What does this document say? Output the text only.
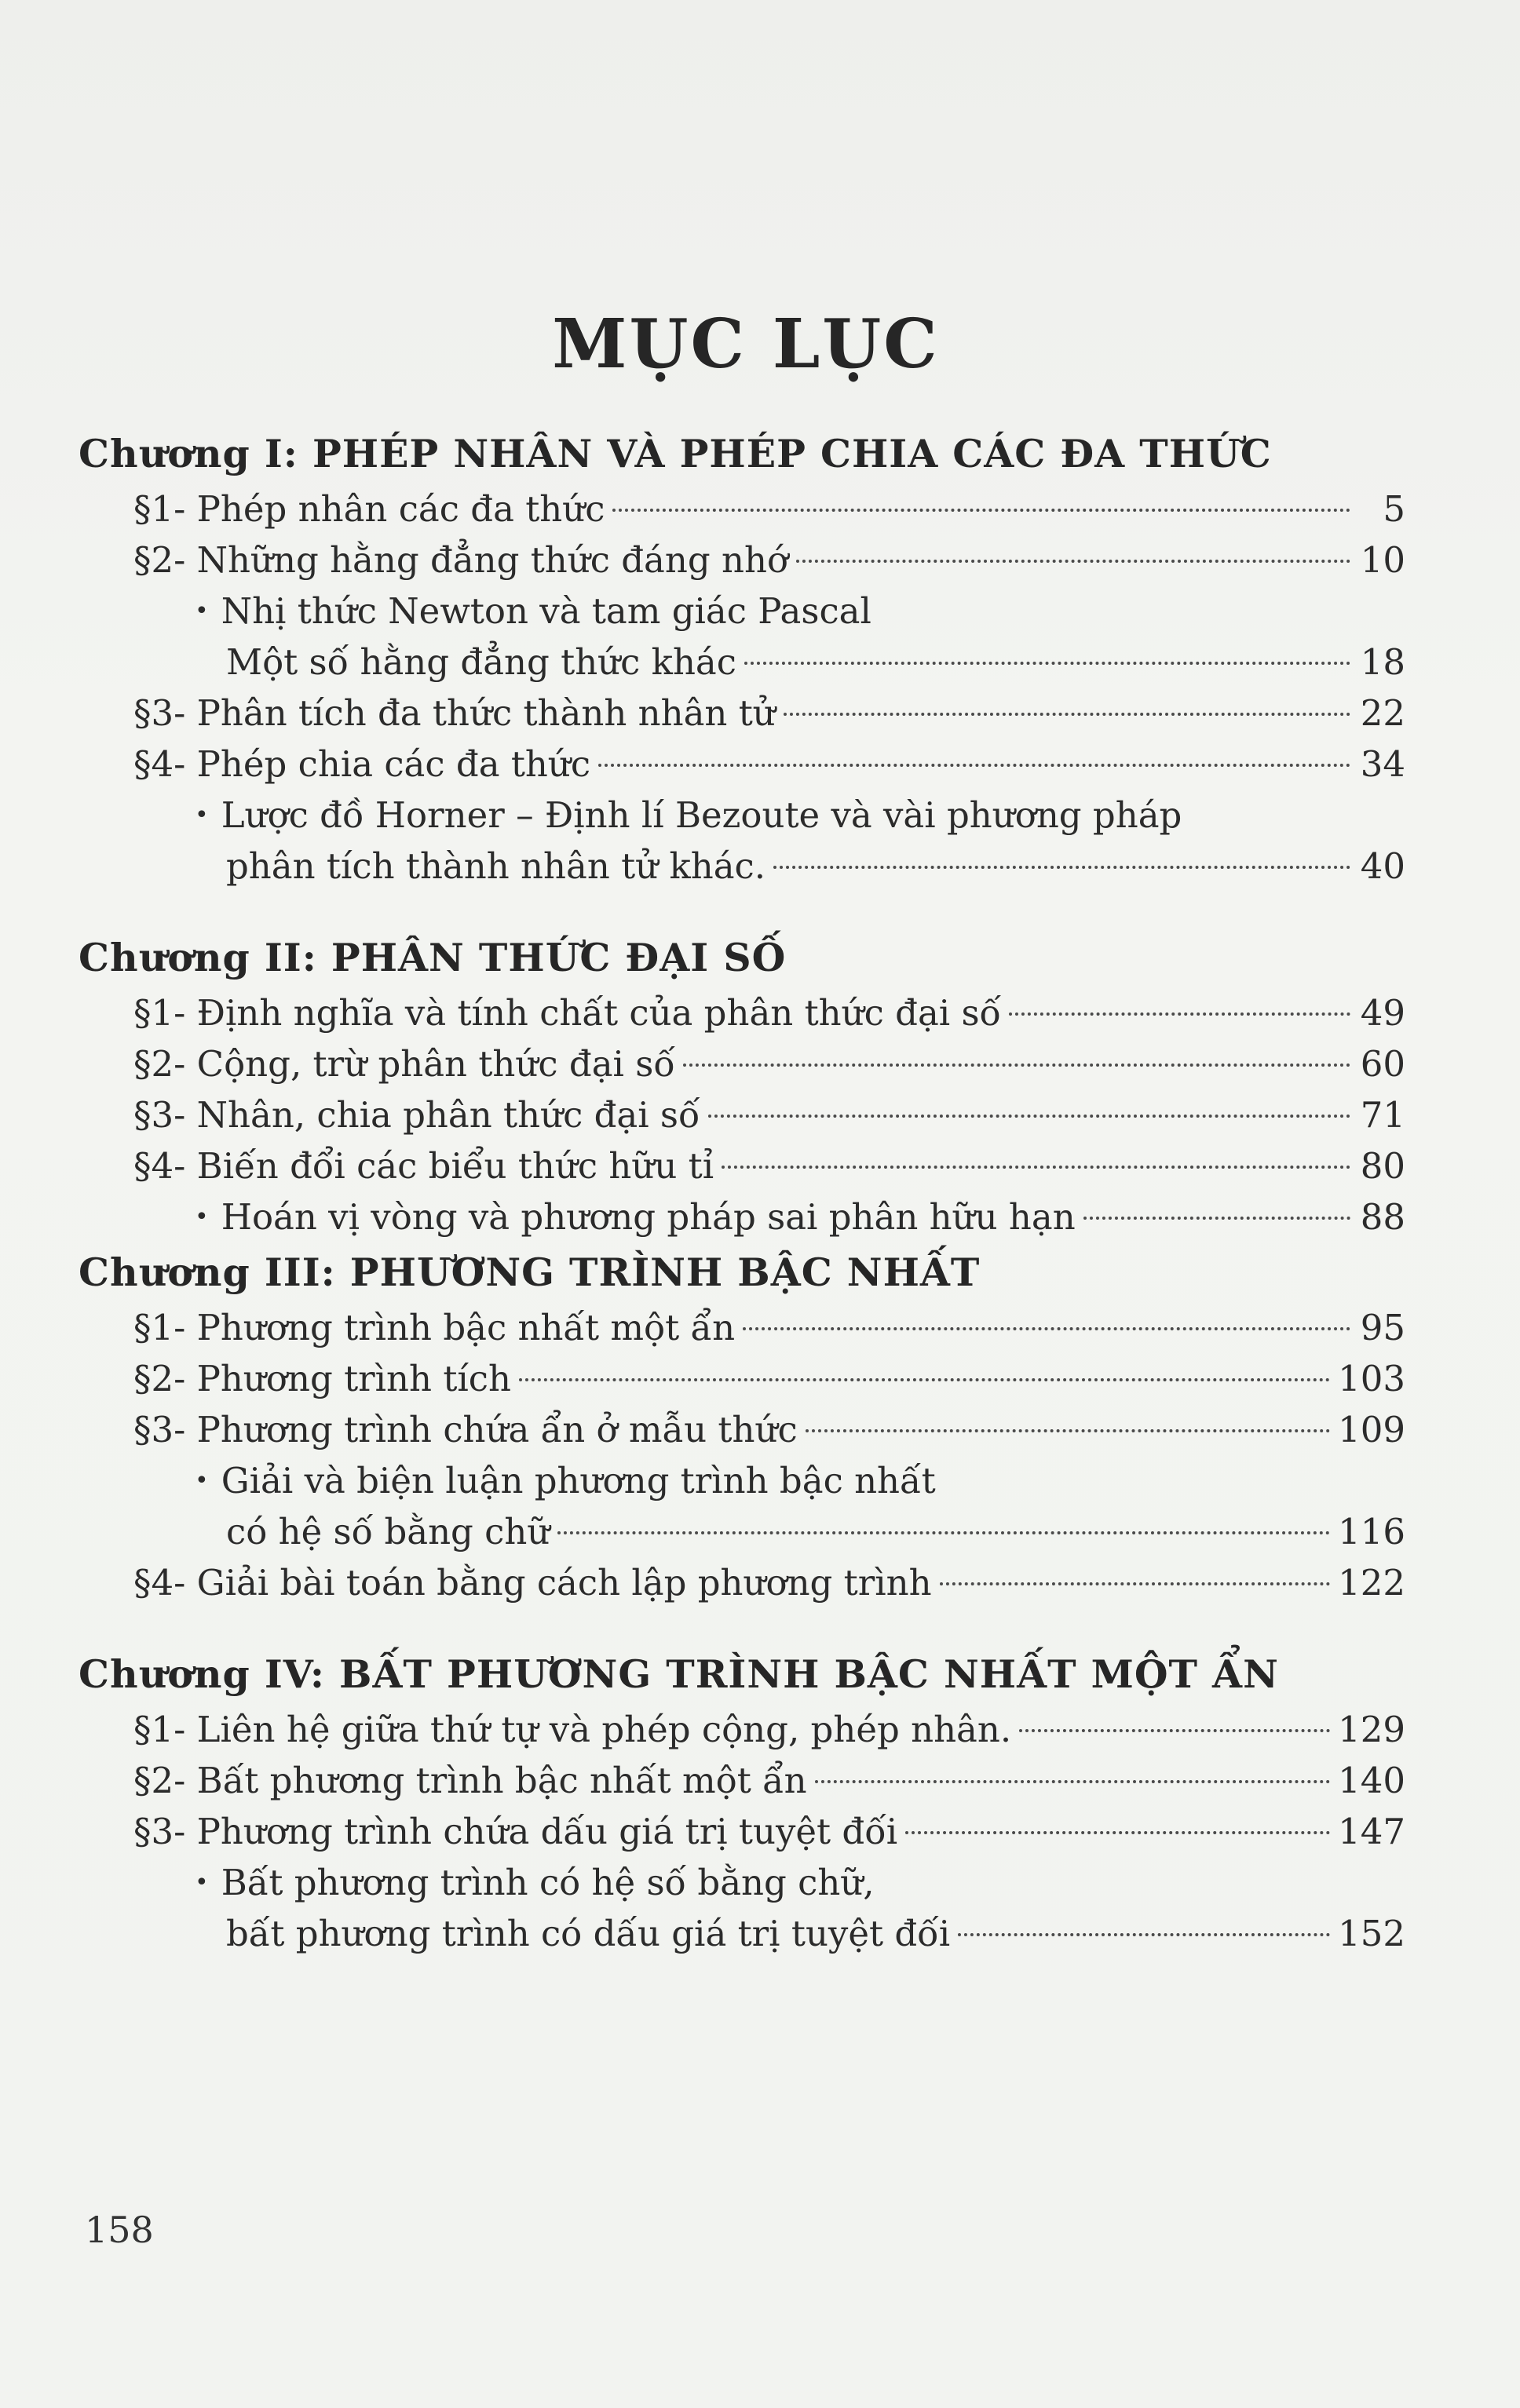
MỤC LỤC
Chương I: PHÉP NHÂN VÀ PHÉP CHIA CÁC ĐA THỨC
§1- Phép nhân các đa thức	5
§2- Những hằng đẳng thức đáng nhớ	10
• Nhị thức Newton và tam giác Pascal
Một số hằng đẳng thức khác	18
§3- Phân tích đa thức thành nhân tử	22
§4- Phép chia các đa thức	34
• Lược đồ Horner – Định lí Bezoute và vài phương pháp
phân tích thành nhân tử khác.	40
Chương II: PHÂN THỨC ĐẠI SỐ
§1- Định nghĩa và tính chất của phân thức đại số	49
§2- Cộng, trừ phân thức đại số	60
§3- Nhân, chia phân thức đại số	71
§4- Biến đổi các biểu thức hữu tỉ	80
• Hoán vị vòng và phương pháp sai phân hữu hạn	88
Chương III: PHƯƠNG TRÌNH BẬC NHẤT
§1- Phương trình bậc nhất một ẩn	95
§2- Phương trình tích	103
§3- Phương trình chứa ẩn ở mẫu thức	109
• Giải và biện luận phương trình bậc nhất
có hệ số bằng chữ	116
§4- Giải bài toán bằng cách lập phương trình	122
Chương IV: BẤT PHƯƠNG TRÌNH BẬC NHẤT MỘT ẨN
§1- Liên hệ giữa thứ tự và phép cộng, phép nhân.	129
§2- Bất phương trình bậc nhất một ẩn	140
§3- Phương trình chứa dấu giá trị tuyệt đối	147
• Bất phương trình có hệ số bằng chữ,
bất phương trình có dấu giá trị tuyệt đối	152
158
